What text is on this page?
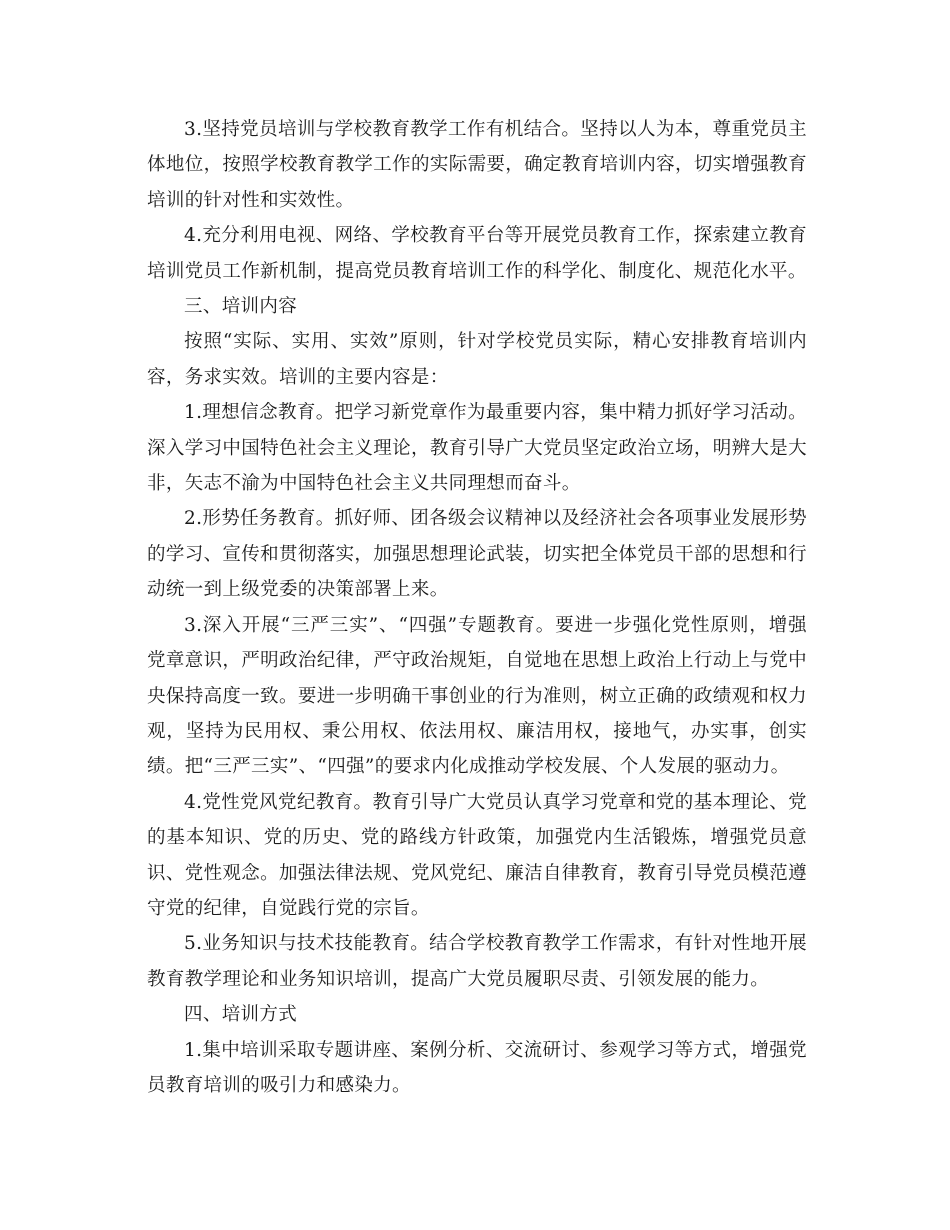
3.坚持党员培训与学校教育教学工作有机结合。坚持以人为本，尊重党员主体地位，按照学校教育教学工作的实际需要，确定教育培训内容，切实增强教育培训的针对性和实效性。

4.充分利用电视、网络、学校教育平台等开展党员教育工作，探索建立教育培训党员工作新机制，提高党员教育培训工作的科学化、制度化、规范化水平。

三、培训内容

按照“实际、实用、实效”原则，针对学校党员实际，精心安排教育培训内容，务求实效。培训的主要内容是：

1.理想信念教育。把学习新党章作为最重要内容，集中精力抓好学习活动。深入学习中国特色社会主义理论，教育引导广大党员坚定政治立场，明辨大是大非，矢志不渝为中国特色社会主义共同理想而奋斗。

2.形势任务教育。抓好师、团各级会议精神以及经济社会各项事业发展形势的学习、宣传和贯彻落实，加强思想理论武装，切实把全体党员干部的思想和行动统一到上级党委的决策部署上来。

3.深入开展“三严三实”、“四强”专题教育。要进一步强化党性原则，增强党章意识，严明政治纪律，严守政治规矩，自觉地在思想上政治上行动上与党中央保持高度一致。要进一步明确干事创业的行为准则，树立正确的政绩观和权力观，坚持为民用权、秉公用权、依法用权、廉洁用权，接地气，办实事，创实绩。把“三严三实”、“四强”的要求内化成推动学校发展、个人发展的驱动力。

4.党性党风党纪教育。教育引导广大党员认真学习党章和党的基本理论、党的基本知识、党的历史、党的路线方针政策，加强党内生活锻炼，增强党员意识、党性观念。加强法律法规、党风党纪、廉洁自律教育，教育引导党员模范遵守党的纪律，自觉践行党的宗旨。

5.业务知识与技术技能教育。结合学校教育教学工作需求，有针对性地开展教育教学理论和业务知识培训，提高广大党员履职尽责、引领发展的能力。

四、培训方式

1.集中培训采取专题讲座、案例分析、交流研讨、参观学习等方式，增强党员教育培训的吸引力和感染力。
